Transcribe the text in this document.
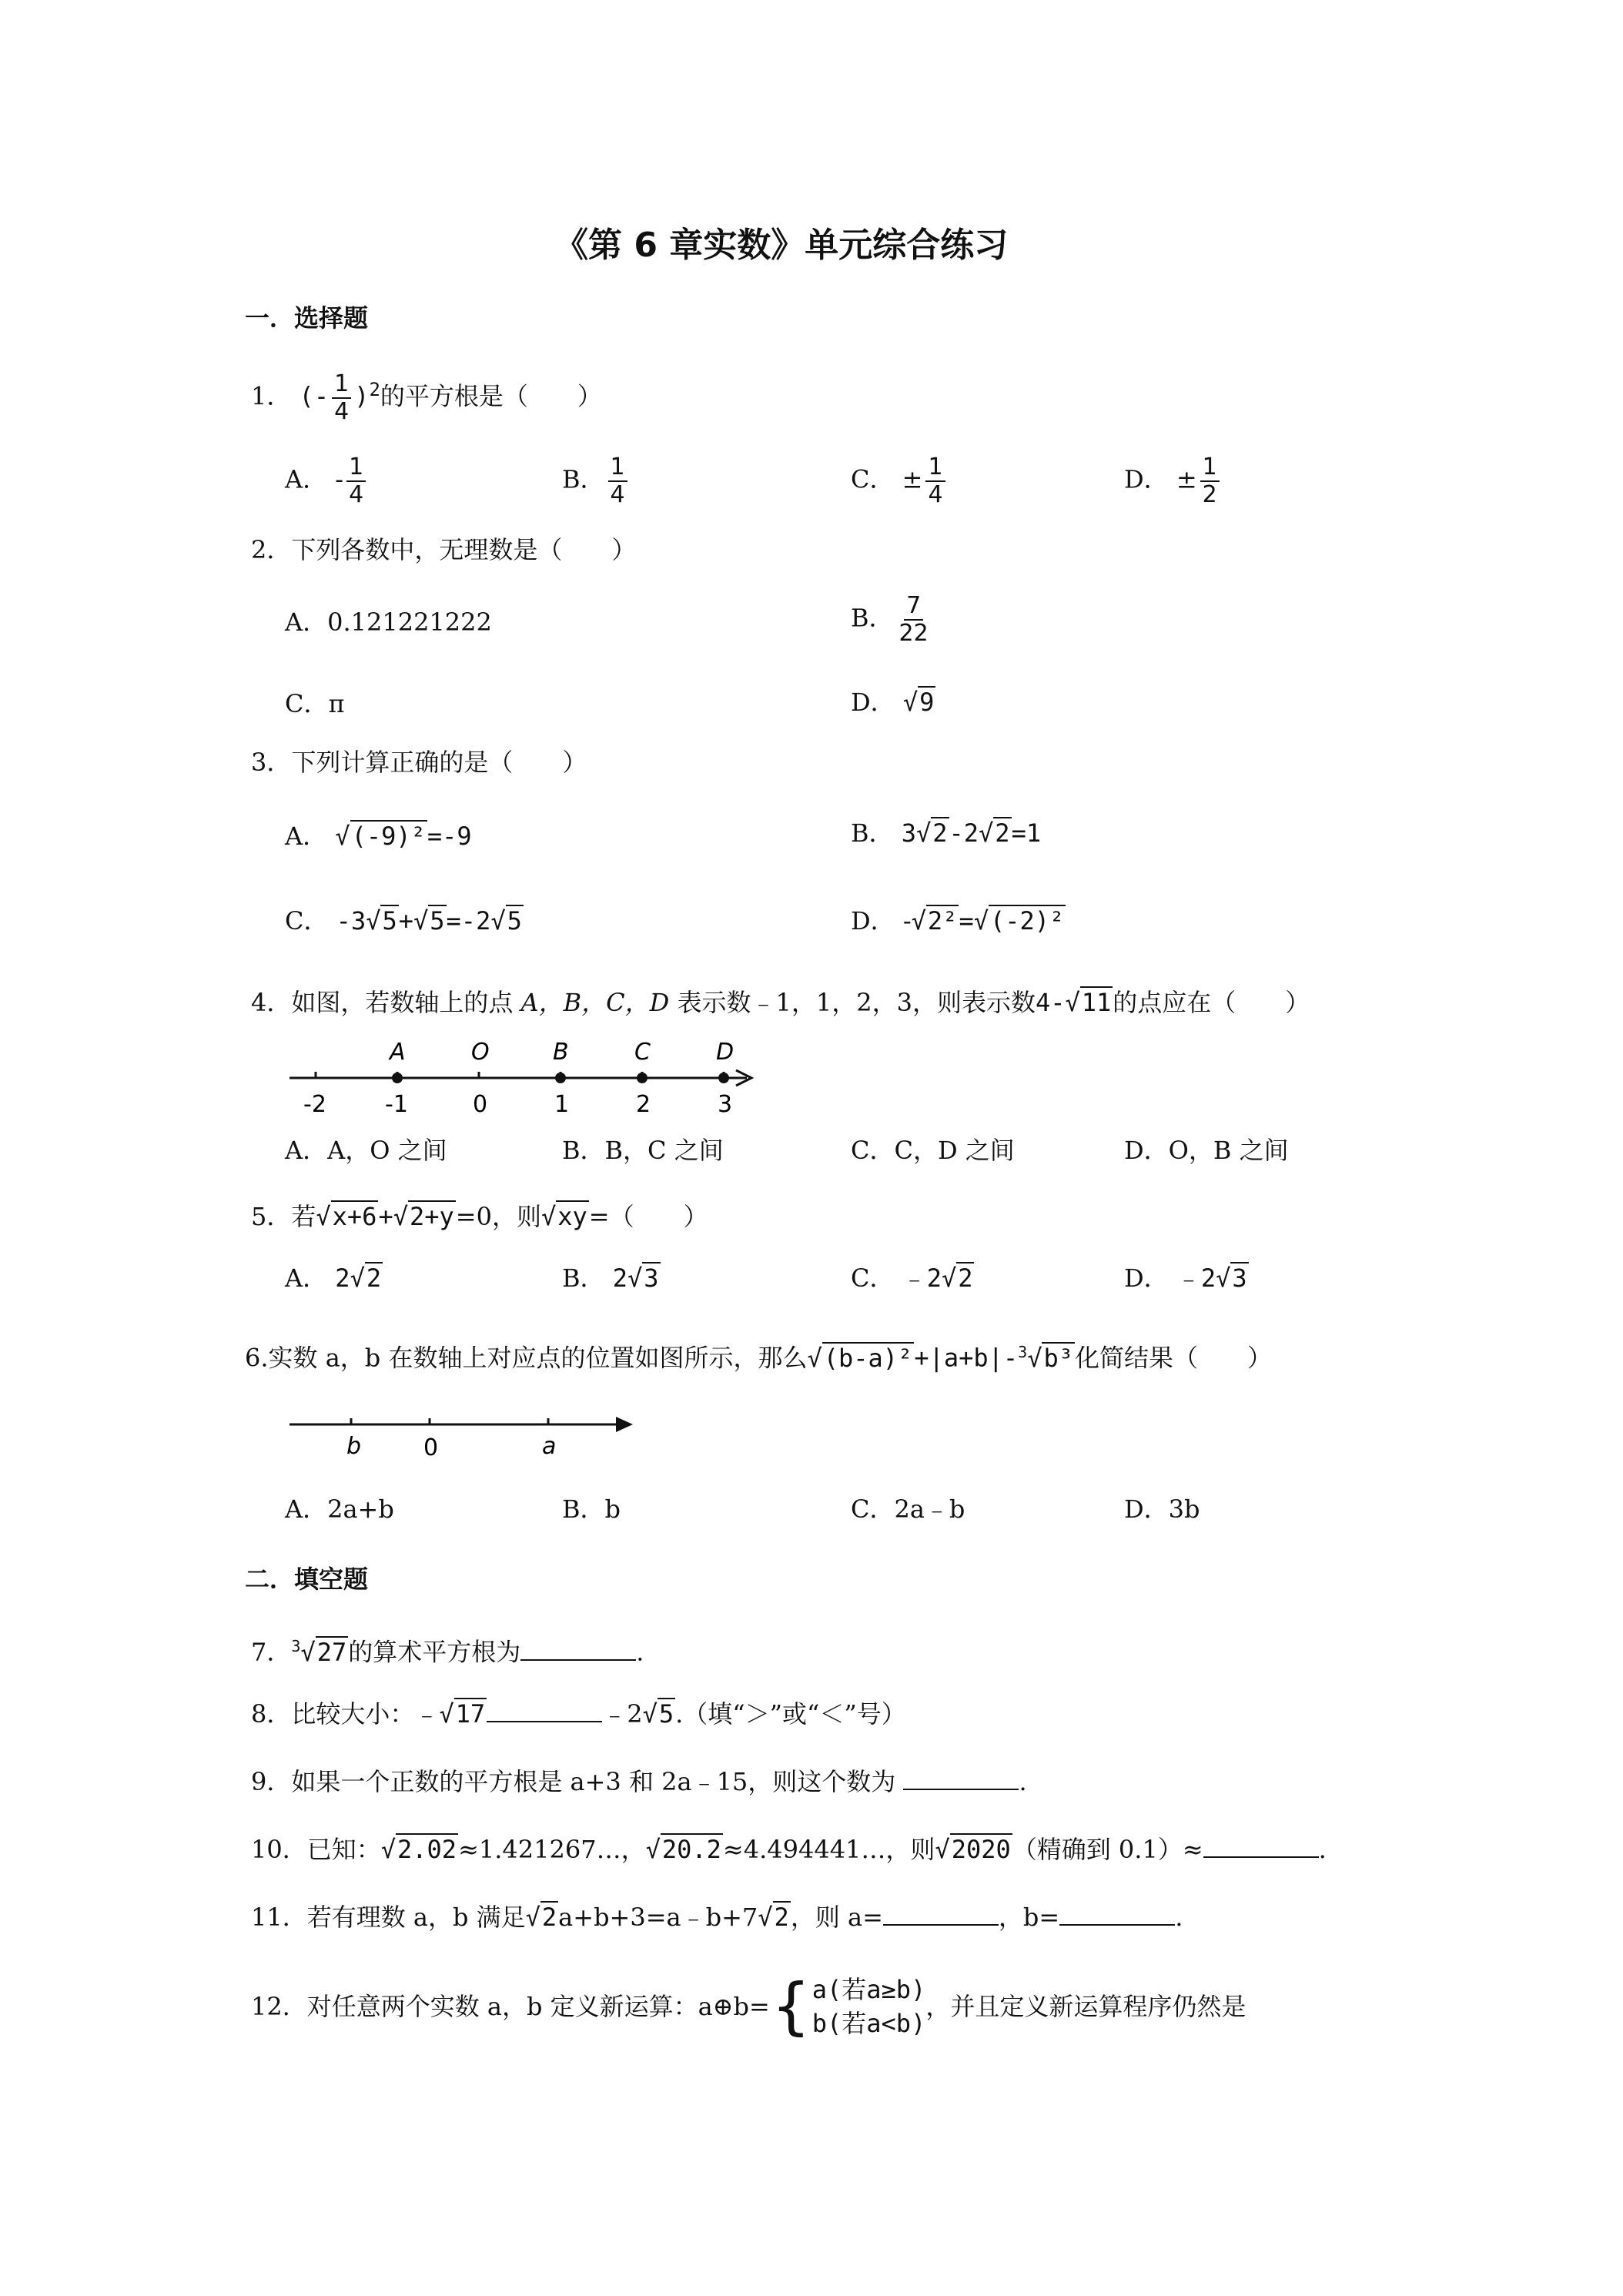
《第 6 章实数》单元综合练习
一．选择题
1． (- $\frac{1}{4} )^2$的平方根是（　　）
A． - $\frac{1}{4}$	B． $\frac{1}{4}$	C． ± $\frac{1}{4}$	D． ± $\frac{1}{2}$
2．下列各数中，无理数是（　　）
A．0.121221222	B． $\frac{7}{22}$
C．π	D． √9
3．下列计算正确的是（　　）
A． √(-9)²=-9	B． 3√2-2√2=1
C． -3√5+√5=-2√5	D． -√2²=√(-2)²
4．如图，若数轴上的点 A，B，C，D 表示数﹣1，1，2，3，则表示数4-√11的点应在（　　）
-2	-1	0	1	2	3
A	O	B	C	D
A．A，O 之间	B．B，C 之间	C．C，D 之间	D．O，B 之间
5．若√x+6+√2+y=0，则√xy=（　　）
A． 2√2	B． 2√3	C． ﹣2√2	D． ﹣2√3
6.实数 a，b 在数轴上对应点的位置如图所示，那么√(b-a)²+|a+b|-$^3$√b³化简结果（　　）
b	0	a
A．2a+b	B．b	C．2a﹣b	D．3b
二．填空题
7．$^3$√27的算术平方根为	.
8．比较大小：﹣√17	﹣2√5.（填“＞”或“＜”号）
9．如果一个正数的平方根是 a+3 和 2a﹣15，则这个数为	.
10．已知：√2.02≈1.421267…，√20.2≈4.494441…，则√2020（精确到 0.1）≈	.
11．若有理数 a，b 满足√2a+b+3=a﹣b+7√2，则 a=	，b=	.
12．对任意两个实数 a，b 定义新运算：a⊕b= { a(若a≥b)
b(若a<b)
，并且定义新运算程序仍然是
